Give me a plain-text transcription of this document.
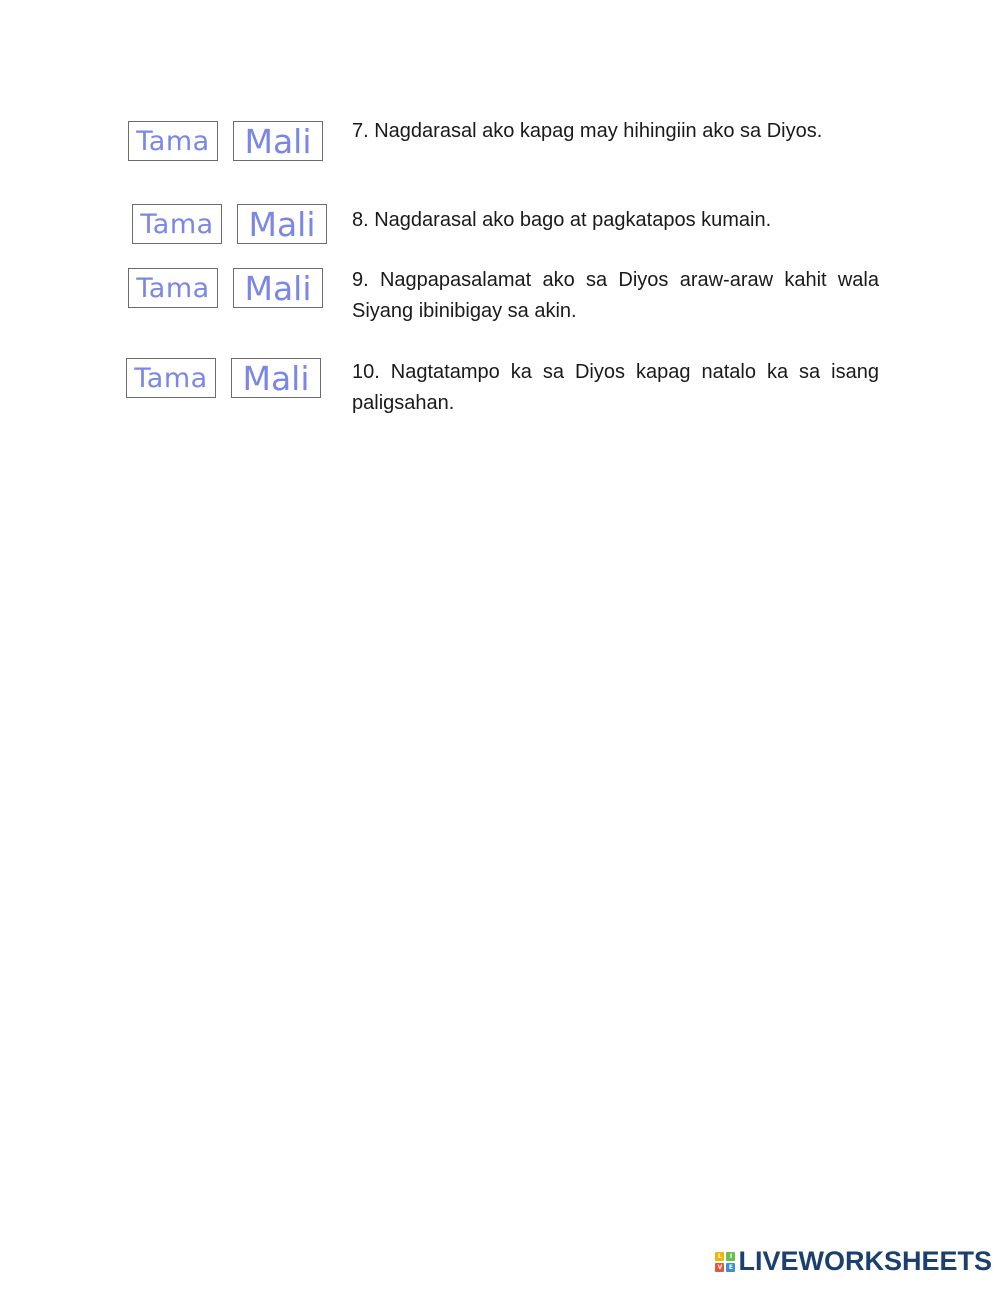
Tama	Mali	7. Nagdarasal ako kapag may hihingiin ako sa Diyos.
Tama	Mali	8. Nagdarasal ako bago at pagkatapos kumain.
Tama	Mali	9. Nagpapasalamat ako sa Diyos araw-araw kahit wala Siyang ibinibigay sa akin.
Tama	Mali	10. Nagtatampo ka sa Diyos kapag natalo ka sa isang paligsahan.
L	I
V	E LIVEWORKSHEETS
